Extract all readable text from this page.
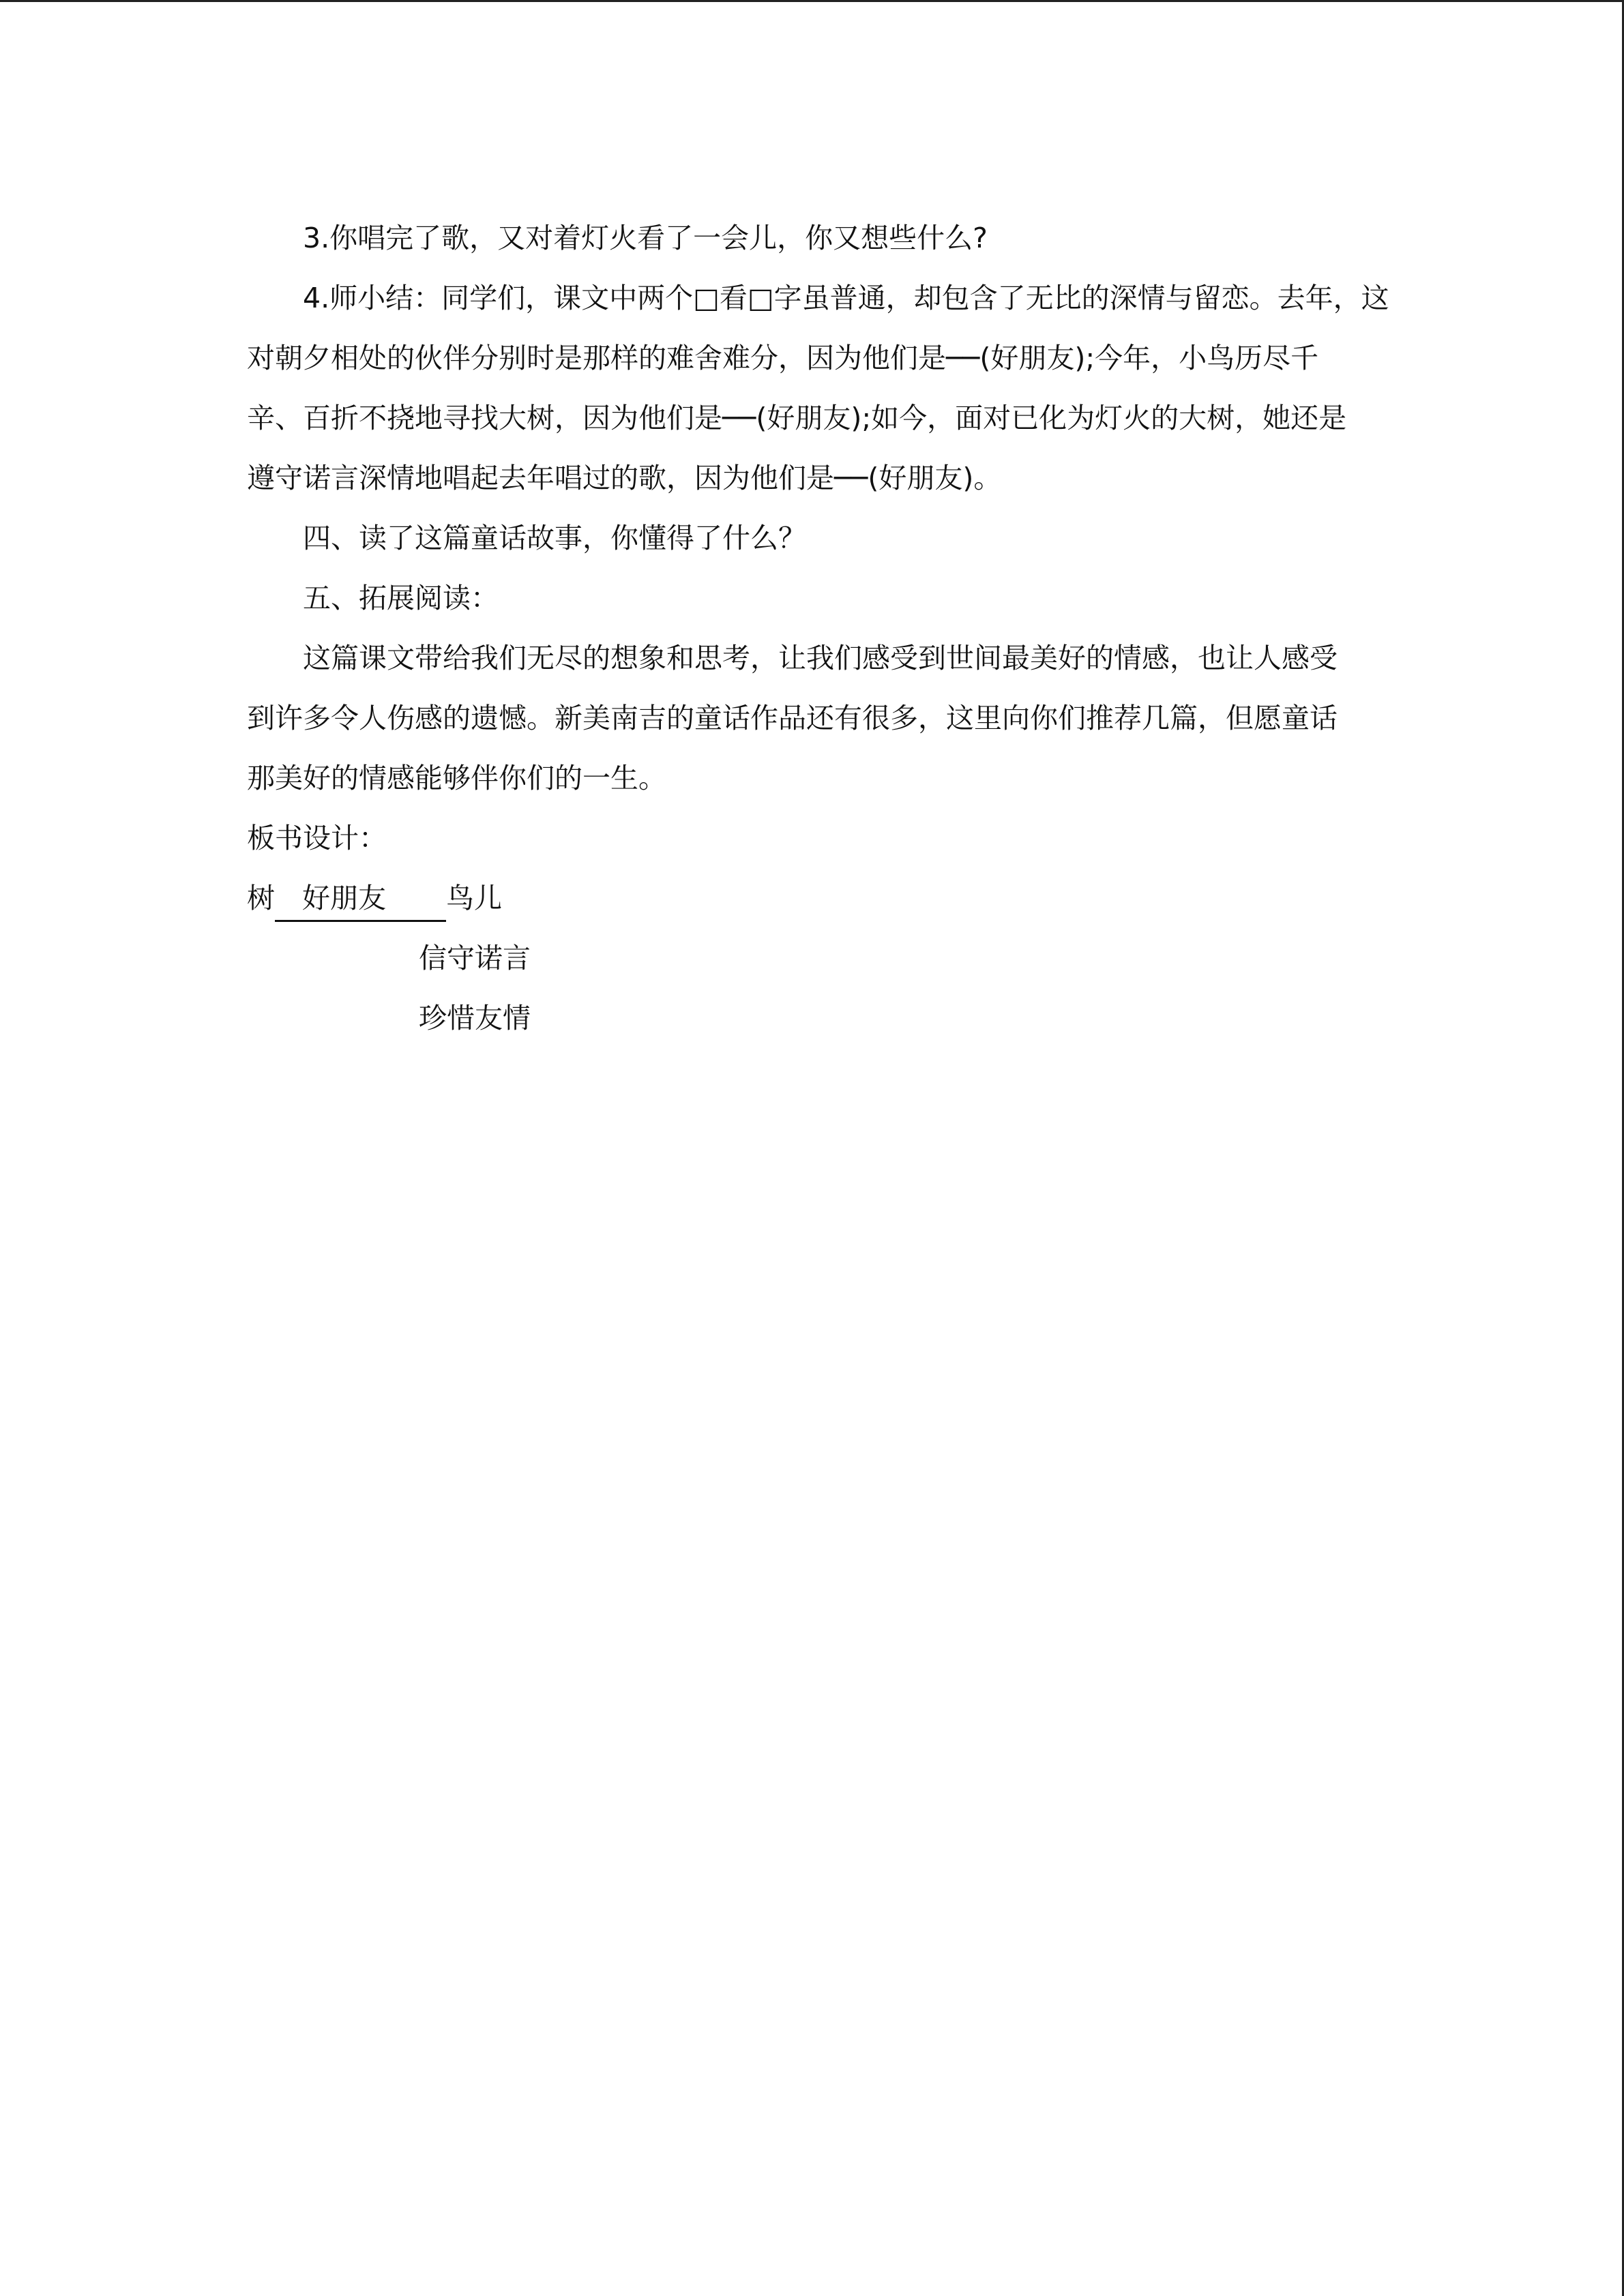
3.你唱完了歌，又对着灯火看了一会儿，你又想些什么?

4.师小结：同学们，课文中两个□看□字虽普通，却包含了无比的深情与留恋。去年，这

对朝夕相处的伙伴分别时是那样的难舍难分，因为他们是──(好朋友);今年，小鸟历尽千

辛、百折不挠地寻找大树，因为他们是──(好朋友);如今，面对已化为灯火的大树，她还是

遵守诺言深情地唱起去年唱过的歌，因为他们是──(好朋友)。

四、读了这篇童话故事，你懂得了什么？

五、拓展阅读：

这篇课文带给我们无尽的想象和思考，让我们感受到世间最美好的情感，也让人感受

到许多令人伤感的遗憾。新美南吉的童话作品还有很多，这里向你们推荐几篇，但愿童话

那美好的情感能够伴你们的一生。

板书设计：

树 好朋友	鸟儿

信守诺言

珍惜友情
